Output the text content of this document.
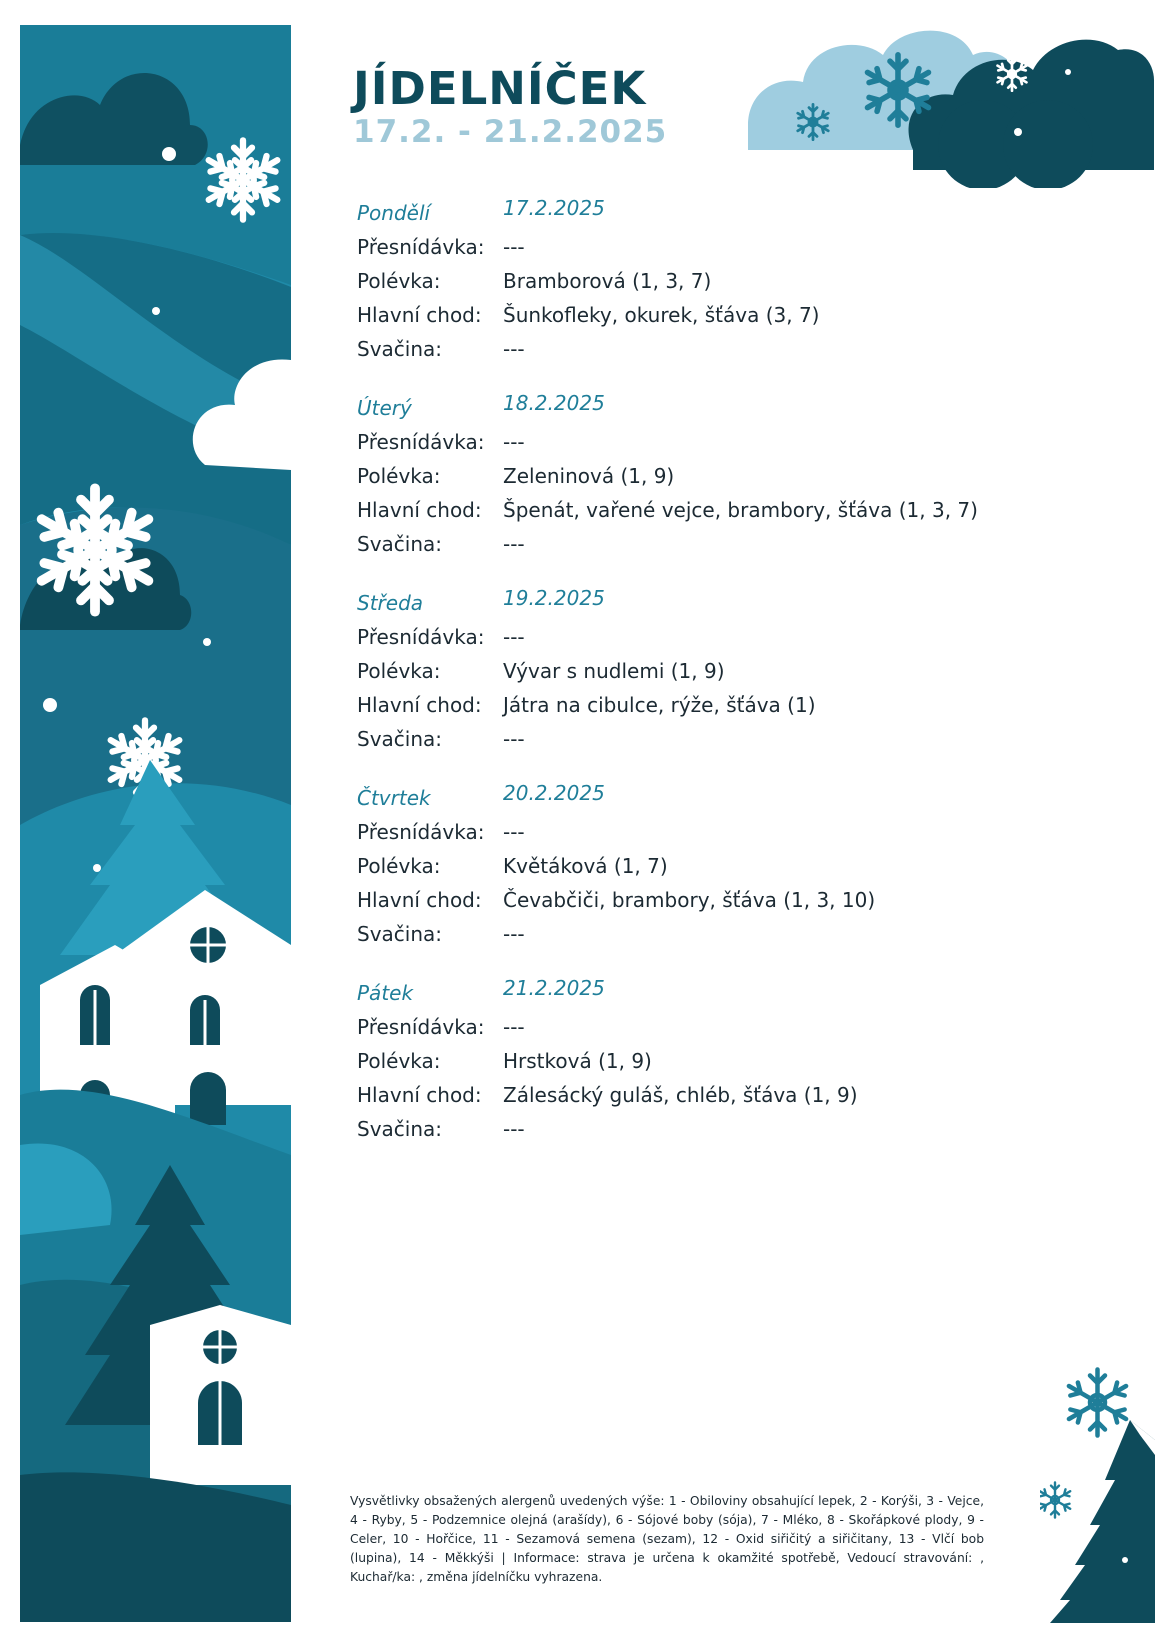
JÍDELNÍČEK
17.2. - 21.2.2025
Pondělí	17.2.2025
Přesnídávka: ---
Polévka:	Bramborová (1, 3, 7)
Hlavní chod:	Šunkofleky, okurek, šťáva (3, 7)
Svačina:	---
Úterý	18.2.2025
Přesnídávka: ---
Polévka:	Zeleninová (1, 9)
Hlavní chod:	Špenát, vařené vejce, brambory, šťáva (1, 3, 7)
Svačina:	---
Středa	19.2.2025
Přesnídávka: ---
Polévka:	Vývar s nudlemi (1, 9)
Hlavní chod:	Játra na cibulce, rýže, šťáva (1)
Svačina:	---
Čtvrtek	20.2.2025
Přesnídávka: ---
Polévka:	Květáková (1, 7)
Hlavní chod:	Čevabčiči, brambory, šťáva (1, 3, 10)
Svačina:	---
Pátek	21.2.2025
Přesnídávka: ---
Polévka:	Hrstková (1, 9)
Hlavní chod:	Zálesácký guláš, chléb, šťáva (1, 9)
Svačina:	---

Vysvětlivky obsažených alergenů uvedených výše: 1 - Obiloviny obsahující lepek, 2 - Korýši, 3 - Vejce, 4 - Ryby, 5 - Podzemnice olejná (arašídy), 6 - Sójové boby (sója), 7 - Mléko, 8 - Skořápkové plody, 9 - Celer, 10 - Hořčice, 11 - Sezamová semena (sezam), 12 - Oxid siřičitý a siřičitany, 13 - Vlčí bob (lupina), 14 - Měkkýši | Informace: strava je určena k okamžité spotřebě, Vedoucí stravování: , Kuchař/ka: , změna jídelníčku vyhrazena.
